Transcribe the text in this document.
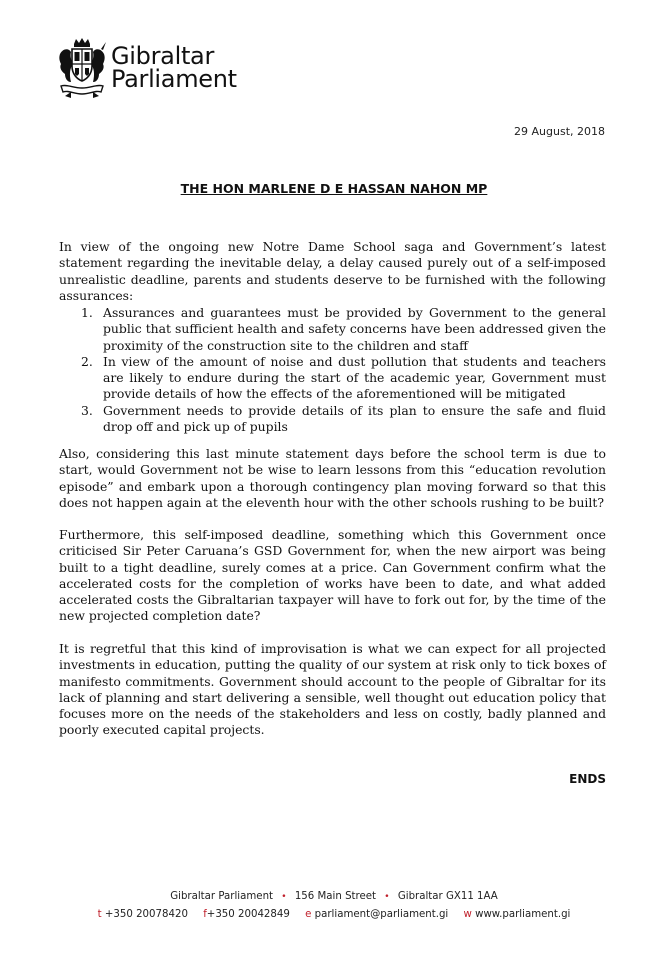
Gibraltar
Parliament
29 August, 2018
THE HON MARLENE D E HASSAN NAHON MP
In view of the ongoing new Notre Dame School saga and Government’s latest statement regarding the inevitable delay, a delay caused purely out of a self-imposed unrealistic deadline, parents and students deserve to be furnished with the following assurances:
1. Assurances and guarantees must be provided by Government to the general public that sufficient health and safety concerns have been addressed given the proximity of the construction site to the children and staff
2. In view of the amount of noise and dust pollution that students and teachers are likely to endure during the start of the academic year, Government must provide details of how the effects of the aforementioned will be mitigated
3. Government needs to provide details of its plan to ensure the safe and fluid drop off and pick up of pupils
Also, considering this last minute statement days before the school term is due to start, would Government not be wise to learn lessons from this “education revolution episode” and embark upon a thorough contingency plan moving forward so that this does not happen again at the eleventh hour with the other schools rushing to be built?
Furthermore, this self-imposed deadline, something which this Government once criticised Sir Peter Caruana’s GSD Government for, when the new airport was being built to a tight deadline, surely comes at a price. Can Government confirm what the accelerated costs for the completion of works have been to date, and what added accelerated costs the Gibraltarian taxpayer will have to fork out for, by the time of the new projected completion date?
It is regretful that this kind of improvisation is what we can expect for all projected investments in education, putting the quality of our system at risk only to tick boxes of manifesto commitments. Government should account to the people of Gibraltar for its lack of planning and start delivering a sensible, well thought out education policy that focuses more on the needs of the stakeholders and less on costly, badly planned and poorly executed capital projects.
ENDS
Gibraltar Parliament • 156 Main Street • Gibraltar GX11 1AA
t +350 20078420 f+350 20042849 e parliament@parliament.gi w www.parliament.gi
